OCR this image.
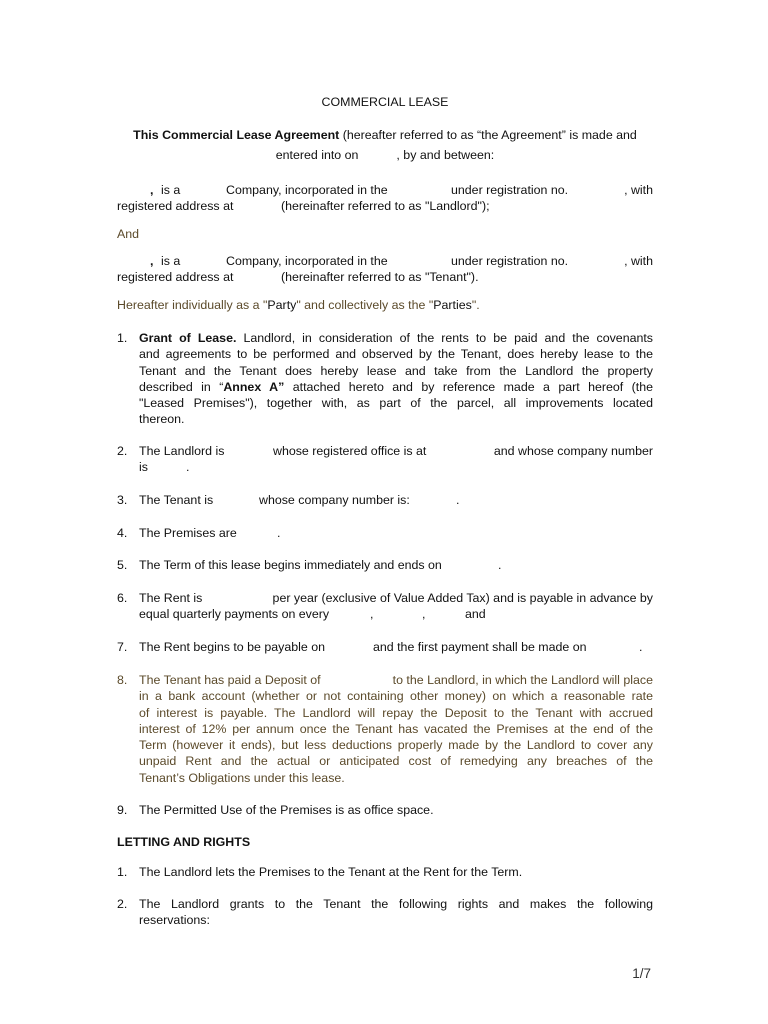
COMMERCIAL LEASE
This Commercial Lease Agreement (hereafter referred to as “the Agreement” is made and
entered into on	, by and between:
, is a	Company, incorporated in the	under registration no.	, with
registered address at	(hereinafter referred to as "Landlord");
And
, is a	Company, incorporated in the	under registration no.	, with
registered address at	(hereinafter referred to as "Tenant").
Hereafter individually as a "Party" and collectively as the "Parties".
1. Grant of Lease. Landlord, in consideration of the rents to be paid and the covenants
and agreements to be performed and observed by the Tenant, does hereby lease to the
Tenant and the Tenant does hereby lease and take from the Landlord the property
described in “Annex A” attached hereto and by reference made a part hereof (the
"Leased Premises"), together with, as part of the parcel, all improvements located
thereon.
2. The Landlord is	whose registered office is at	and whose company number
is	.
3. The Tenant is	whose company number is:	.
4. The Premises are	.
5. The Term of this lease begins immediately and ends on	.
6. The Rent is	per year (exclusive of Value Added Tax) and is payable in advance by
equal quarterly payments on every	,	,	and
7. The Rent begins to be payable on	and the first payment shall be made on	.
8. The Tenant has paid a Deposit of	to the Landlord, in which the Landlord will place
in a bank account (whether or not containing other money) on which a reasonable rate
of interest is payable. The Landlord will repay the Deposit to the Tenant with accrued
interest of 12% per annum once the Tenant has vacated the Premises at the end of the
Term (however it ends), but less deductions properly made by the Landlord to cover any
unpaid Rent and the actual or anticipated cost of remedying any breaches of the
Tenant’s Obligations under this lease.
9. The Permitted Use of the Premises is as office space.
LETTING AND RIGHTS
1. The Landlord lets the Premises to the Tenant at the Rent for the Term.
2. The Landlord grants to the Tenant the following rights and makes the following
reservations:
1/7
